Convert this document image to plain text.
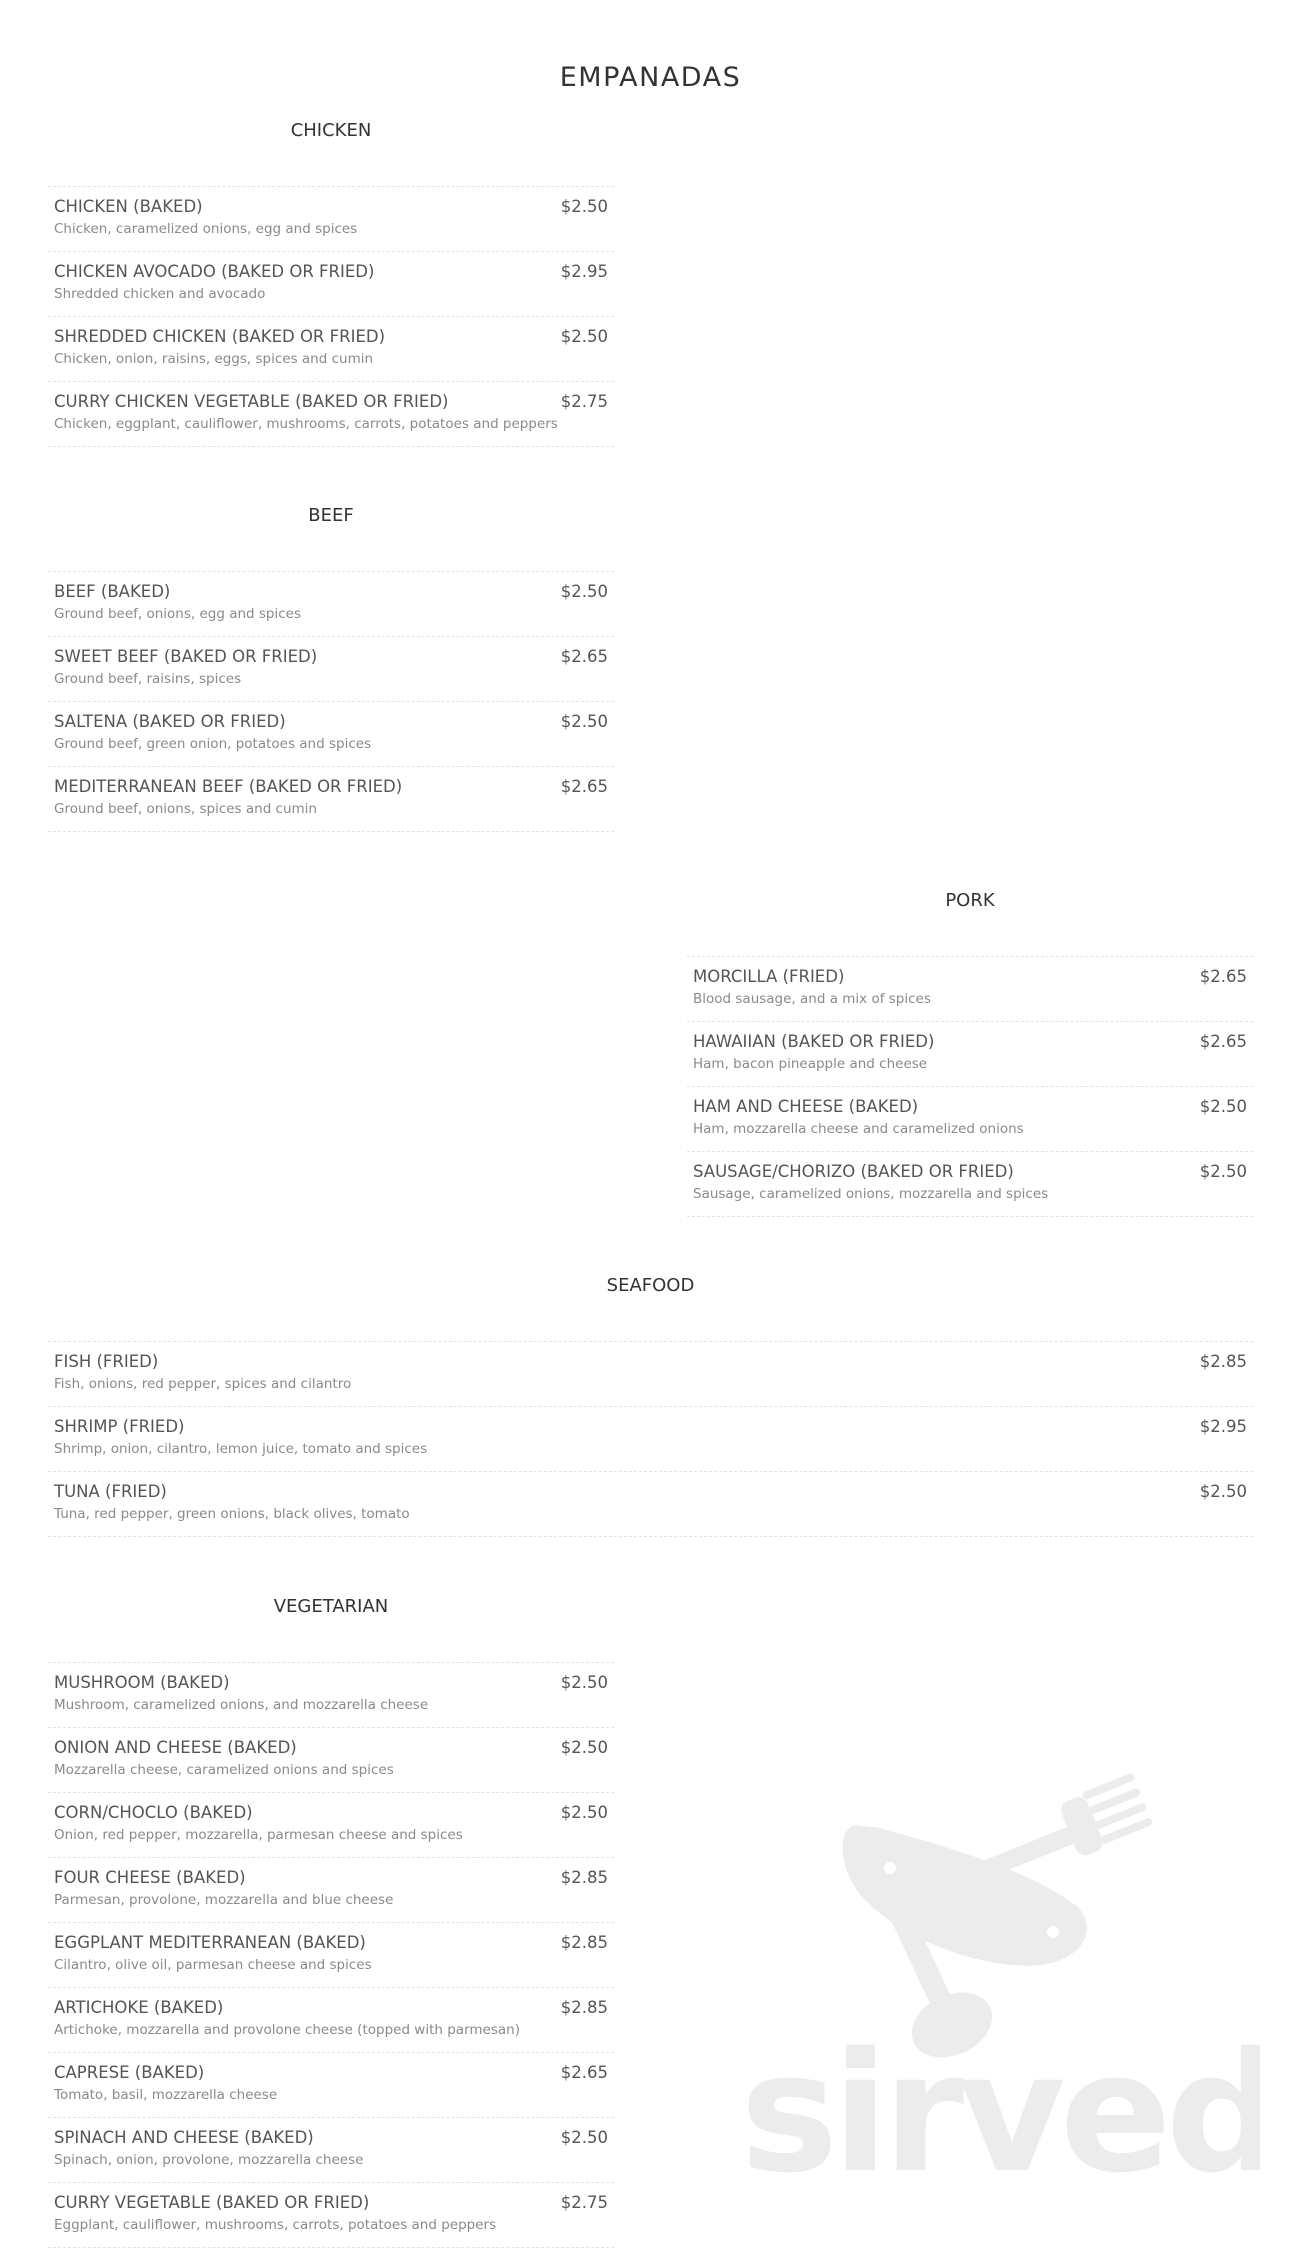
EMPANADAS
CHICKEN
CHICKEN (BAKED)
Chicken, caramelized onions, egg and spices
$2.50
CHICKEN AVOCADO (BAKED OR FRIED)
Shredded chicken and avocado
$2.95
SHREDDED CHICKEN (BAKED OR FRIED)
Chicken, onion, raisins, eggs, spices and cumin
$2.50
CURRY CHICKEN VEGETABLE (BAKED OR FRIED)
Chicken, eggplant, cauliflower, mushrooms, carrots, potatoes and peppers
$2.75
BEEF
BEEF (BAKED)
Ground beef, onions, egg and spices
$2.50
SWEET BEEF (BAKED OR FRIED)
Ground beef, raisins, spices
$2.65
SALTENA (BAKED OR FRIED)
Ground beef, green onion, potatoes and spices
$2.50
MEDITERRANEAN BEEF (BAKED OR FRIED)
Ground beef, onions, spices and cumin
$2.65
PORK
MORCILLA (FRIED)
Blood sausage, and a mix of spices
$2.65
HAWAIIAN (BAKED OR FRIED)
Ham, bacon pineapple and cheese
$2.65
HAM AND CHEESE (BAKED)
Ham, mozzarella cheese and caramelized onions
$2.50
SAUSAGE/CHORIZO (BAKED OR FRIED)
Sausage, caramelized onions, mozzarella and spices
$2.50
SEAFOOD
FISH (FRIED)
Fish, onions, red pepper, spices and cilantro
$2.85
SHRIMP (FRIED)
Shrimp, onion, cilantro, lemon juice, tomato and spices
$2.95
TUNA (FRIED)
Tuna, red pepper, green onions, black olives, tomato
$2.50
VEGETARIAN
MUSHROOM (BAKED)
Mushroom, caramelized onions, and mozzarella cheese
$2.50
ONION AND CHEESE (BAKED)
Mozzarella cheese, caramelized onions and spices
$2.50
CORN/CHOCLO (BAKED)
Onion, red pepper, mozzarella, parmesan cheese and spices
$2.50
FOUR CHEESE (BAKED)
Parmesan, provolone, mozzarella and blue cheese
$2.85
EGGPLANT MEDITERRANEAN (BAKED)
Cilantro, olive oil, parmesan cheese and spices
$2.85
ARTICHOKE (BAKED)
Artichoke, mozzarella and provolone cheese (topped with parmesan)
$2.85
CAPRESE (BAKED)
Tomato, basil, mozzarella cheese
$2.65
SPINACH AND CHEESE (BAKED)
Spinach, onion, provolone, mozzarella cheese
$2.50
CURRY VEGETABLE (BAKED OR FRIED)
Eggplant, cauliflower, mushrooms, carrots, potatoes and peppers
$2.75 sirved
